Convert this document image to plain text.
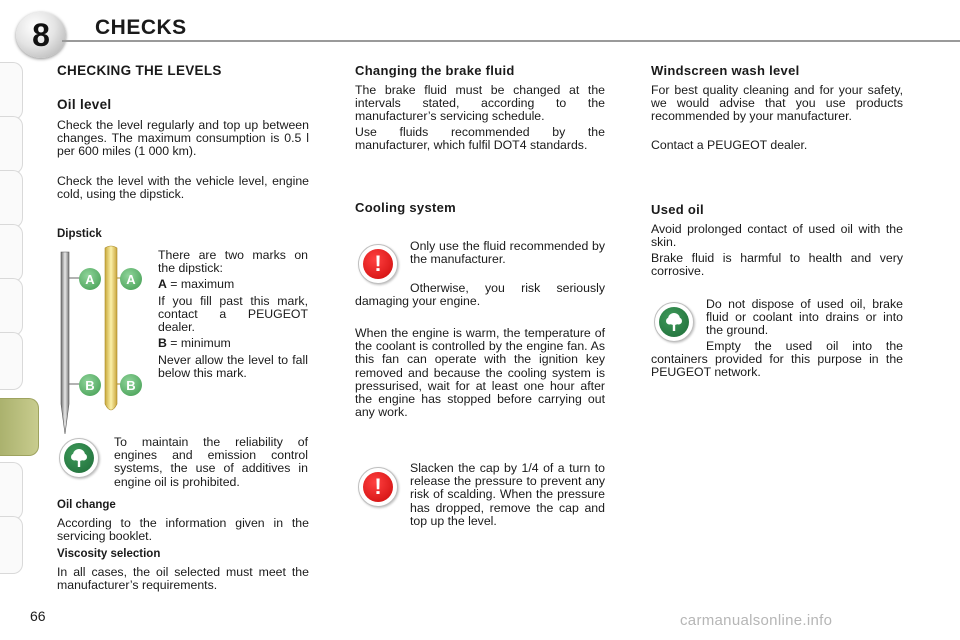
8	CHECKS
CHECKING THE LEVELS
Oil level

Check the level regularly and top up between changes. The maximum consumption is 0.5 l per 600 miles (1 000 km).

Check the level with the vehicle level, engine cold, using the dipstick.

Dipstick
A	A
B	B

There are two marks on the dipstick:

A = maximum

If you fill past this mark, contact a PEUGEOT dealer.

B = minimum

Never allow the level to fall below this mark.

To maintain the reliability of engines and emission control systems, the use of additives in engine oil is prohibited.

Oil change

According to the information given in the servicing booklet.

Viscosity selection

In all cases, the oil selected must meet the manufacturer’s requirements.

Changing the brake fluid

The brake fluid must be changed at the intervals stated, according to the manufacturer’s servicing schedule.

Use fluids recommended by the manufacturer, which fulfil DOT4 standards.

Cooling system
!

Only use the fluid recommended by the manufacturer.

Otherwise, you risk seriously damaging your engine.

When the engine is warm, the temperature of the coolant is controlled by the engine fan. As this fan can operate with the ignition key removed and because the cooling system is pressurised, wait for at least one hour after the engine has stopped before carrying out any work.

!

Slacken the cap by 1/4 of a turn to release the pressure to prevent any risk of scalding. When the pressure has dropped, remove the cap and top up the level.

Windscreen wash level

For best quality cleaning and for your safety, we would advise that you use products recommended by your manufacturer.

Contact a PEUGEOT dealer.

Used oil

Avoid prolonged contact of used oil with the skin.

Brake fluid is harmful to health and very corrosive.

Do not dispose of used oil, brake fluid or coolant into drains or into the ground.

Empty the used oil into the containers provided for this purpose in the PEUGEOT network.

66	carmanualsonline.info
